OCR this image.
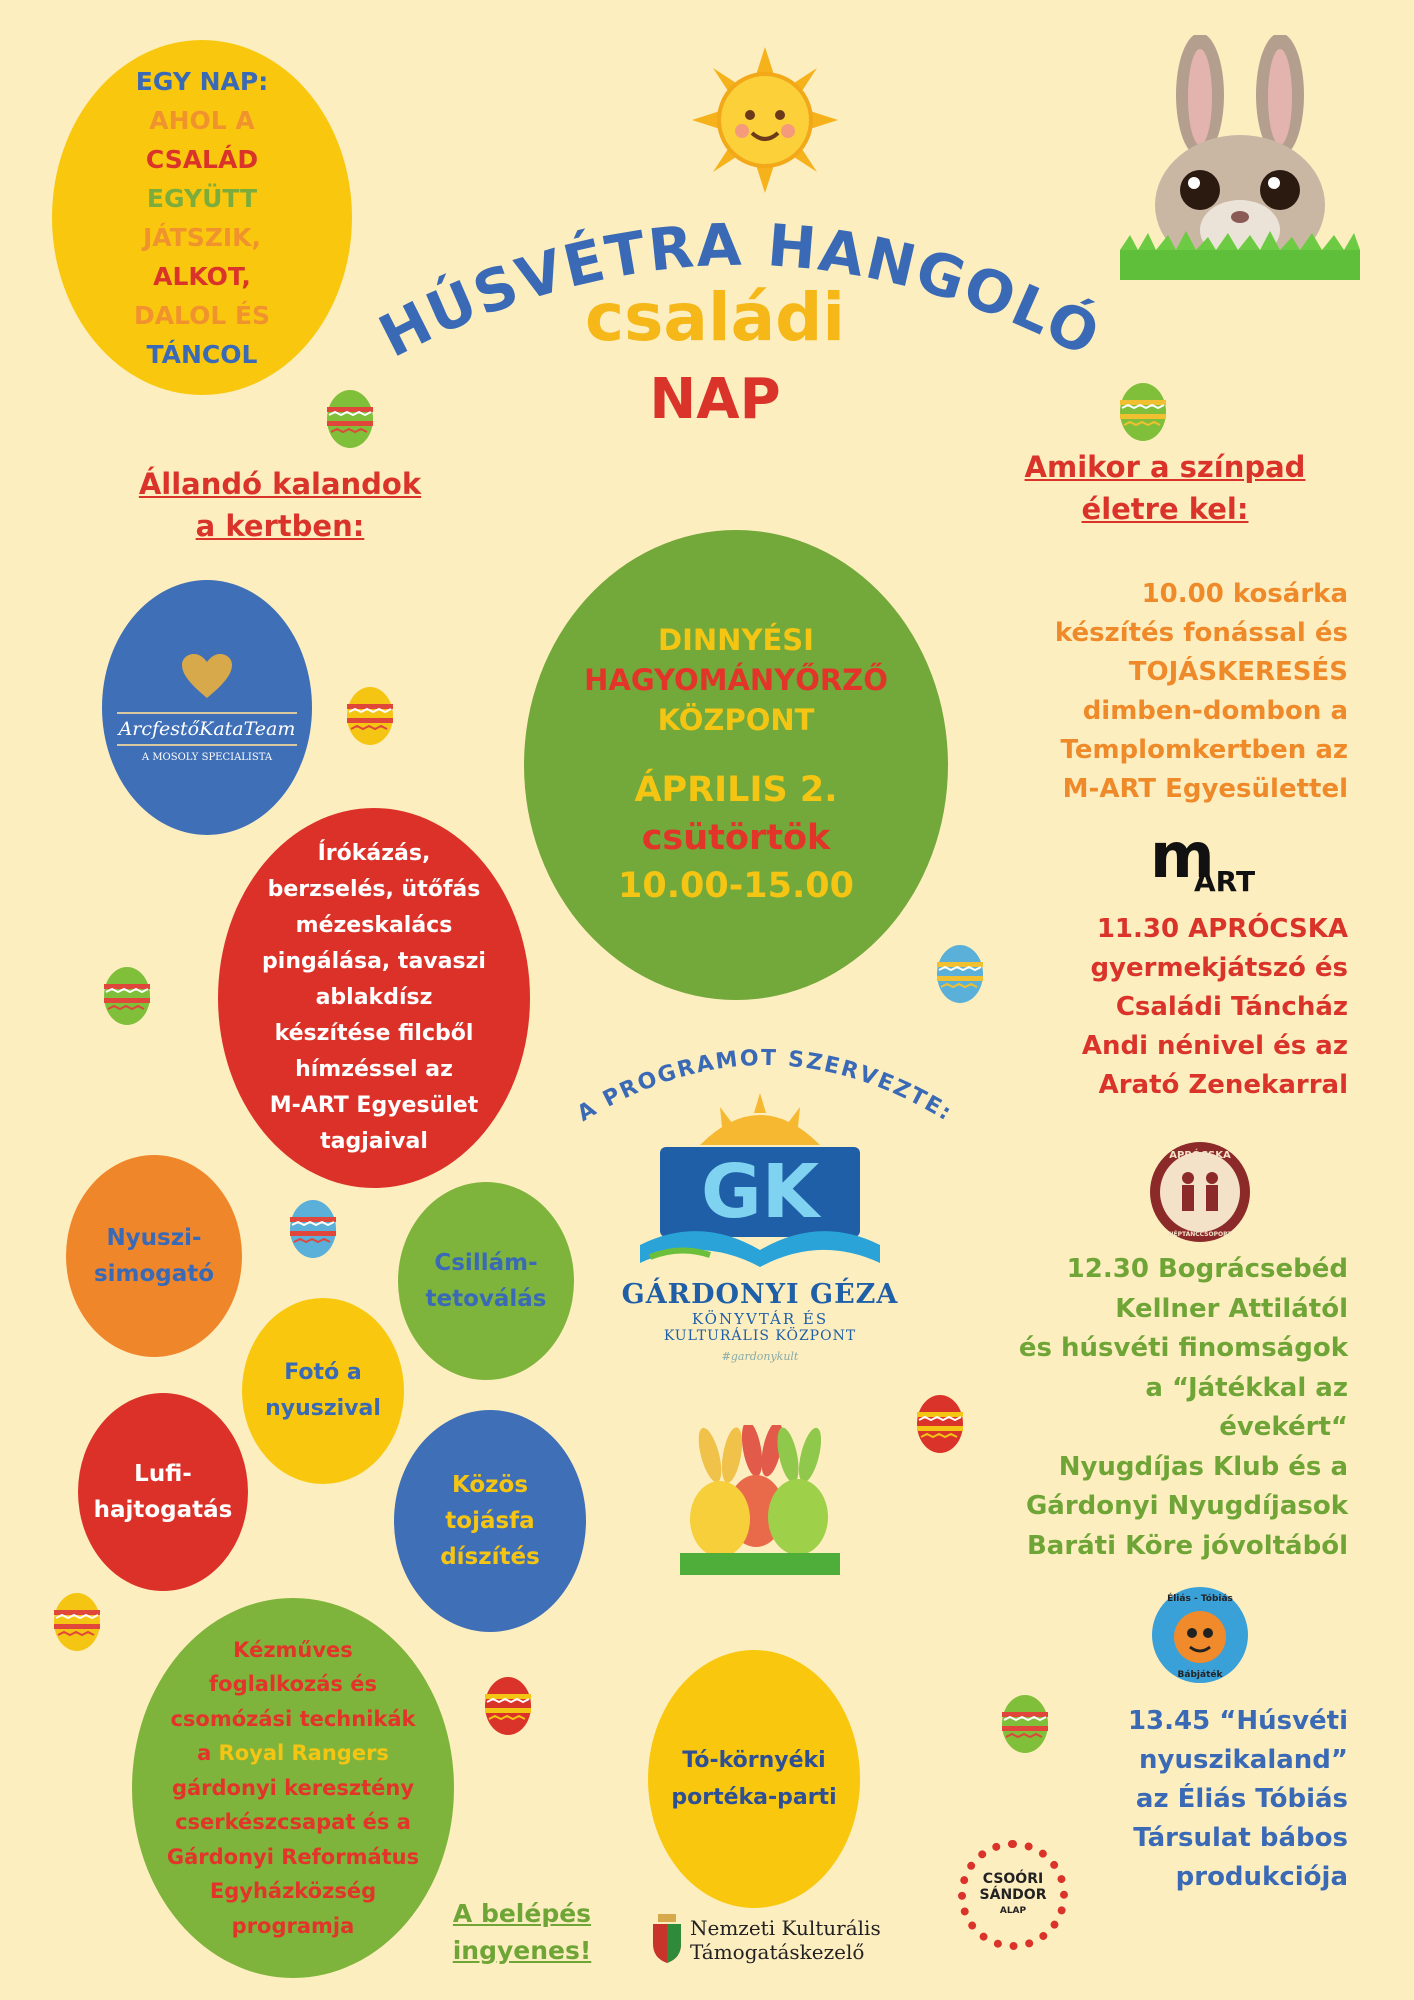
EGY NAP:
AHOL A
CSALÁD
EGYÜTT
JÁTSZIK,
ALKOT,
DALOL ÉS
TÁNCOL HÚSVÉTRA HANGOLÓ
családi
NAP
Állandó kalandok
a kertben:
Amikor a színpad
életre kel:
ArcfestőKataTeam
A MOSOLY SPECIALISTA
DINNYÉSI
HAGYOMÁNYŐRZŐ
KÖZPONT
ÁPRILIS 2.
csütörtök
10.00-15.00
Írókázás,
berzselés, ütőfás
mézeskalács
pingálása, tavaszi
ablakdísz
készítése filcből
hímzéssel az
M-ART Egyesület
tagjaival
A PROGRAMOT SZERVEZTE:
GK
GÁRDONYI GÉZA
KÖNYVTÁR ÉS
KULTURÁLIS KÖZPONT
#gardonykult
Nyuszi-
simogató	Csillám-
tetoválás
Fotó a
nyuszival
Lufi-
hajtogatás
Közös
tojásfa
díszítés
Kézműves
foglalkozás és
csomózási technikák
a Royal Rangers
gárdonyi keresztény
cserkészcsapat és a
Gárdonyi Református
Egyházközség
programja
Tó-környéki
portéka-parti
A belépés
ingyenes!
10.00 kosárka
készítés fonással és
TOJÁSKERESÉS
dimben-dombon a
Templomkertben az
M-ART Egyesülettel
m
ART
11.30 APRÓCSKA
gyermekjátszó és
Családi Táncház
Andi nénivel és az
Arató Zenekarral
APRÓCSKA
NÉPTÁNCCSOPORT
12.30 Bográcsebéd
Kellner Attilától
és húsvéti finomságok
a “Játékkal az
évekért“
Nyugdíjas Klub és a
Gárdonyi Nyugdíjasok
Baráti Köre jóvoltából
Éliás - Tóbiás
Bábjáték
13.45 “Húsvéti
nyuszikaland”
az Éliás Tóbiás
Társulat bábos
produkciója
Nemzeti Kulturális
Támogatáskezelő
CSOÓRI
SÁNDOR
ALAP
